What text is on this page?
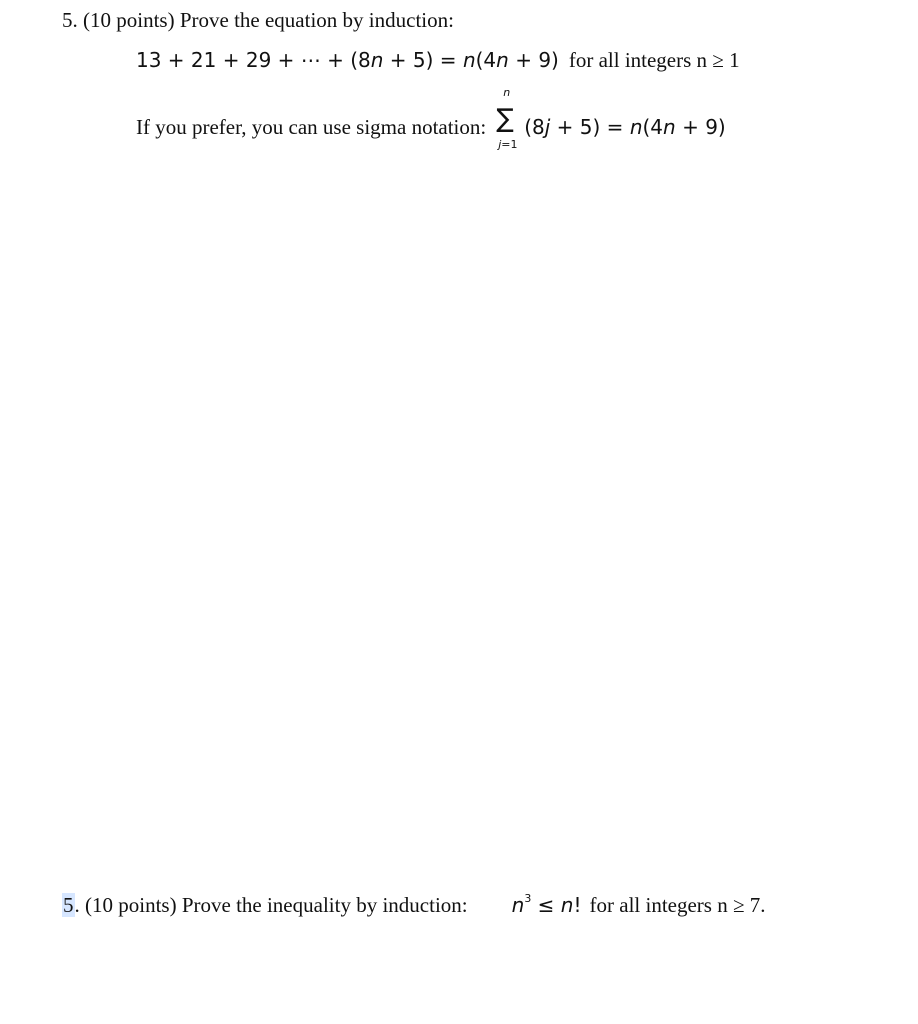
5. (10 points) Prove the equation by induction:
13 + 21 + 29 + ⋯ + (8n + 5) = n(4n + 9) for all integers n ≥ 1
If you prefer, you can use sigma notation:
n
∑
j=1
(8j + 5) = n(4n + 9)
5. (10 points) Prove the inequality by induction: $n^3 \le n$! for all integers n ≥ 7.
